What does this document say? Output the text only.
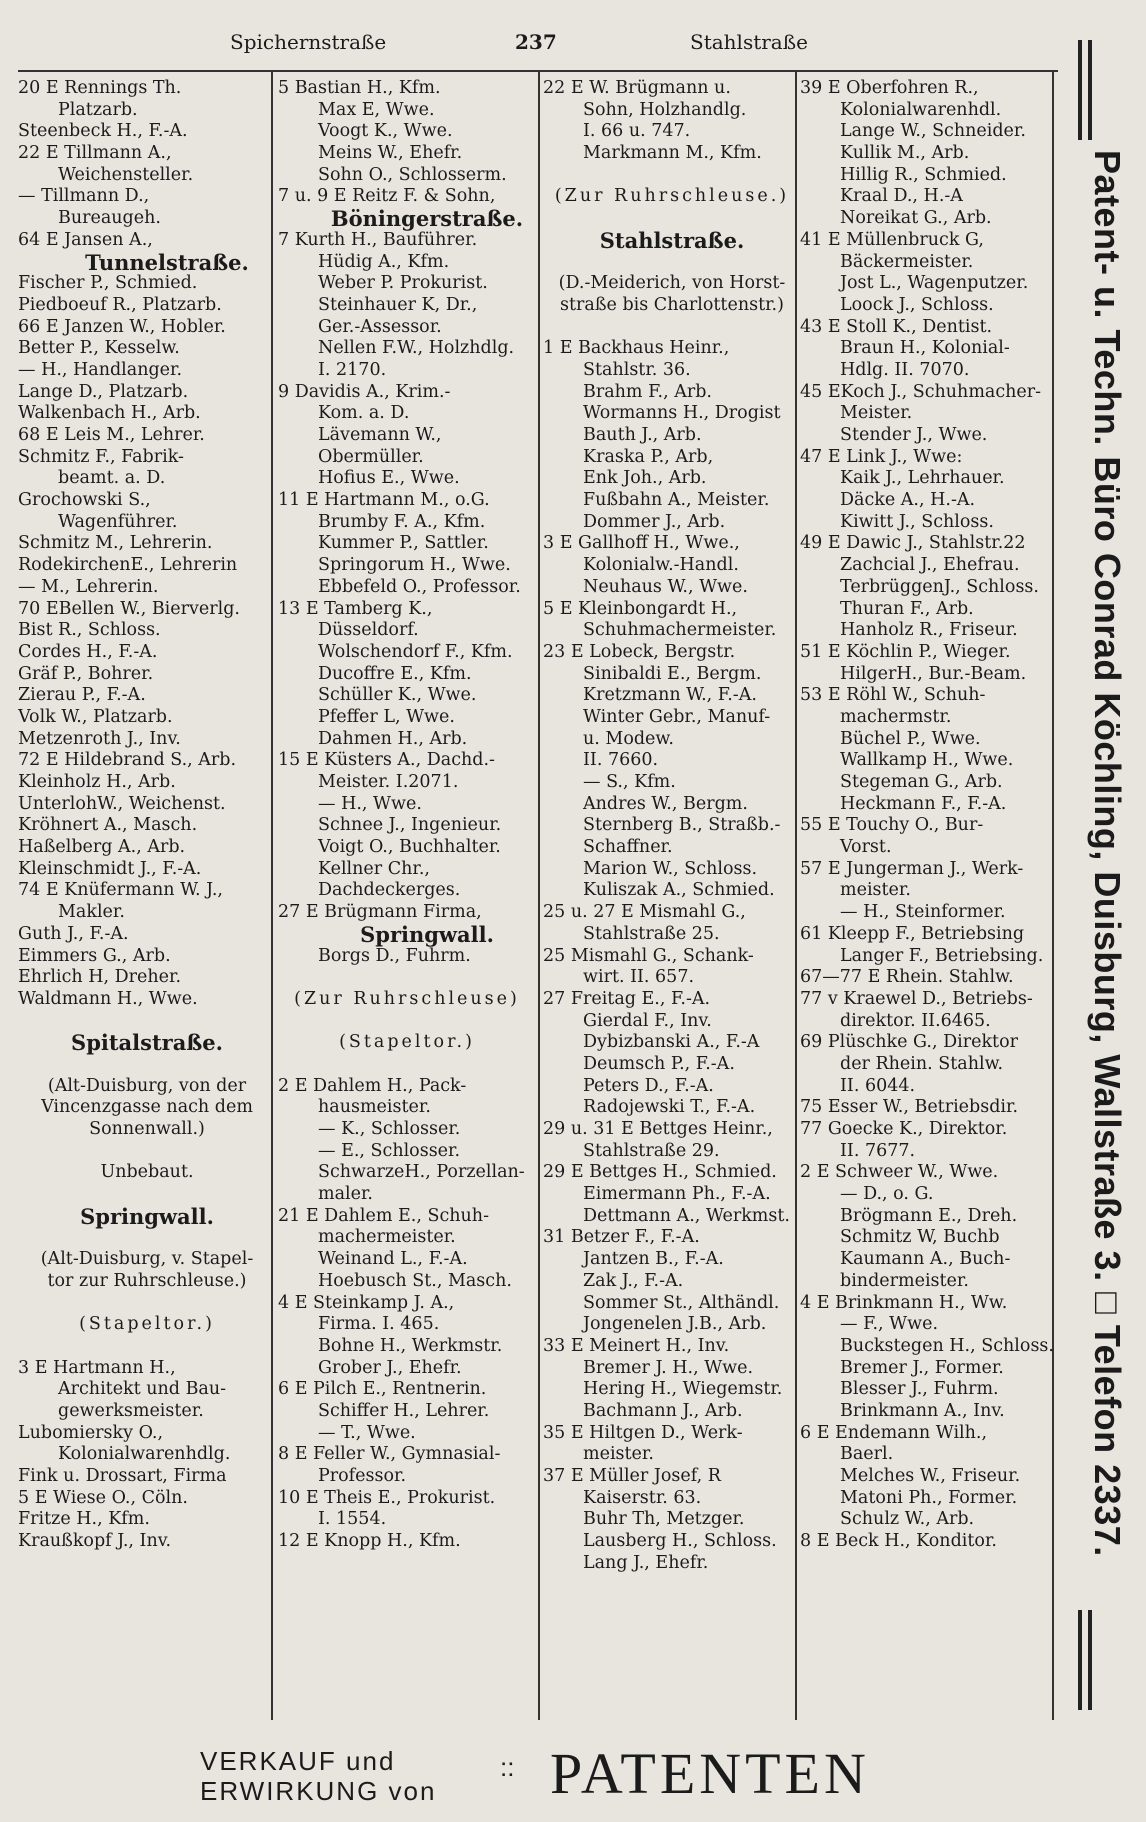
Spichernstraße	237	Stahlstraße
20 E Rennings Th.
Platzarb.
Steenbeck H., F.-A.
22 E Tillmann A.,
Weichensteller.
— Tillmann D.,
Bureaugeh.
64 E Jansen A.,
Tunnelstraße.
Fischer P., Schmied.
Piedboeuf R., Platzarb.
66 E Janzen W., Hobler.
Better P., Kesselw.
— H., Handlanger.
Lange D., Platzarb.
Walkenbach H., Arb.
68 E Leis M., Lehrer.
Schmitz F., Fabrik-
beamt. a. D.
Grochowski S.,
Wagenführer.
Schmitz M., Lehrerin.
RodekirchenE., Lehrerin
— M., Lehrerin.
70 EBellen W., Bierverlg.
Bist R., Schloss.
Cordes H., F.-A.
Gräf P., Bohrer.
Zierau P., F.-A.
Volk W., Platzarb.
Metzenroth J., Inv.
72 E Hildebrand S., Arb.
Kleinholz H., Arb.
UnterlohW., Weichenst.
Kröhnert A., Masch.
Haßelberg A., Arb.
Kleinschmidt J., F.-A.
74 E Knüfermann W. J.,
Makler.
Guth J., F.-A.
Eimmers G., Arb.
Ehrlich H, Dreher.
Waldmann H., Wwe.
Spitalstraße.
(Alt-Duisburg, von der
Vincenzgasse nach dem
Sonnenwall.)
Unbebaut.
Springwall.
(Alt-Duisburg, v. Stapel-
tor zur Ruhrschleuse.)
(Stapeltor.)
3 E Hartmann H.,
Architekt und Bau-
gewerksmeister.
Lubomiersky O.,
Kolonialwarenhdlg.
Fink u. Drossart, Firma
5 E Wiese O., Cöln.
Fritze H., Kfm.
Kraußkopf J., Inv.
5 Bastian H., Kfm.
Max E, Wwe.
Voogt K., Wwe.
Meins W., Ehefr.
Sohn O., Schlosserm.
7 u. 9 E Reitz F. & Sohn,
Böningerstraße.
7 Kurth H., Bauführer.
Hüdig A., Kfm.
Weber P. Prokurist.
Steinhauer K, Dr.,
Ger.-Assessor.
Nellen F.W., Holzhdlg.
I. 2170.
9 Davidis A., Krim.-
Kom. a. D.
Lävemann W.,
Obermüller.
Hofius E., Wwe.
11 E Hartmann M., o.G.
Brumby F. A., Kfm.
Kummer P., Sattler.
Springorum H., Wwe.
Ebbefeld O., Professor.
13 E Tamberg K.,
Düsseldorf.
Wolschendorf F., Kfm.
Ducoffre E., Kfm.
Schüller K., Wwe.
Pfeffer L, Wwe.
Dahmen H., Arb.
15 E Küsters A., Dachd.-
Meister. I.2071.
— H., Wwe.
Schnee J., Ingenieur.
Voigt O., Buchhalter.
Kellner Chr.,
Dachdeckerges.
27 E Brügmann Firma,
Springwall.
Borgs D., Fuhrm.
(Zur Ruhrschleuse)
(Stapeltor.)
2 E Dahlem H., Pack-
hausmeister.
— K., Schlosser.
— E., Schlosser.
SchwarzeH., Porzellan-
maler.
21 E Dahlem E., Schuh-
machermeister.
Weinand L., F.-A.
Hoebusch St., Masch.
4 E Steinkamp J. A.,
Firma. I. 465.
Bohne H., Werkmstr.
Grober J., Ehefr.
6 E Pilch E., Rentnerin.
Schiffer H., Lehrer.
— T., Wwe.
8 E Feller W., Gymnasial-
Professor.
10 E Theis E., Prokurist.
I. 1554.
12 E Knopp H., Kfm.
22 E W. Brügmann u.
Sohn, Holzhandlg.
I. 66 u. 747.
Markmann M., Kfm.
(Zur Ruhrschleuse.)
Stahlstraße.
(D.-Meiderich, von Horst-
straße bis Charlottenstr.)
1 E Backhaus Heinr.,
Stahlstr. 36.
Brahm F., Arb.
Wormanns H., Drogist
Bauth J., Arb.
Kraska P., Arb,
Enk Joh., Arb.
Fußbahn A., Meister.
Dommer J., Arb.
3 E Gallhoff H., Wwe.,
Kolonialw.-Handl.
Neuhaus W., Wwe.
5 E Kleinbongardt H.,
Schuhmachermeister.
23 E Lobeck, Bergstr.
Sinibaldi E., Bergm.
Kretzmann W., F.-A.
Winter Gebr., Manuf-
u. Modew.
II. 7660.
— S., Kfm.
Andres W., Bergm.
Sternberg B., Straßb.-
Schaffner.
Marion W., Schloss.
Kuliszak A., Schmied.
25 u. 27 E Mismahl G.,
Stahlstraße 25.
25 Mismahl G., Schank-
wirt. II. 657.
27 Freitag E., F.-A.
Gierdal F., Inv.
Dybizbanski A., F.-A
Deumsch P., F.-A.
Peters D., F.-A.
Radojewski T., F.-A.
29 u. 31 E Bettges Heinr.,
Stahlstraße 29.
29 E Bettges H., Schmied.
Eimermann Ph., F.-A.
Dettmann A., Werkmst.
31 Betzer F., F.-A.
Jantzen B., F.-A.
Zak J., F.-A.
Sommer St., Althändl.
Jongenelen J.B., Arb.
33 E Meinert H., Inv.
Bremer J. H., Wwe.
Hering H., Wiegemstr.
Bachmann J., Arb.
35 E Hiltgen D., Werk-
meister.
37 E Müller Josef, R
Kaiserstr. 63.
Buhr Th, Metzger.
Lausberg H., Schloss.
Lang J., Ehefr.
39 E Oberfohren R.,
Kolonialwarenhdl.
Lange W., Schneider.
Kullik M., Arb.
Hillig R., Schmied.
Kraal D., H.-A
Noreikat G., Arb.
41 E Müllenbruck G,
Bäckermeister.
Jost L., Wagenputzer.
Loock J., Schloss.
43 E Stoll K., Dentist.
Braun H., Kolonial-
Hdlg. II. 7070.
45 EKoch J., Schuhmacher-
Meister.
Stender J., Wwe.
47 E Link J., Wwe:
Kaik J., Lehrhauer.
Däcke A., H.-A.
Kiwitt J., Schloss.
49 E Dawic J., Stahlstr.22
Zachcial J., Ehefrau.
TerbrüggenJ., Schloss.
Thuran F., Arb.
Hanholz R., Friseur.
51 E Köchlin P., Wieger.
HilgerH., Bur.-Beam.
53 E Röhl W., Schuh-
machermstr.
Büchel P., Wwe.
Wallkamp H., Wwe.
Stegeman G., Arb.
Heckmann F., F.-A.
55 E Touchy O., Bur-
Vorst.
57 E Jungerman J., Werk-
meister.
— H., Steinformer.
61 Kleepp F., Betriebsing
Langer F., Betriebsing.
67—77 E Rhein. Stahlw.
77 v Kraewel D., Betriebs-
direktor. II.6465.
69 Plüschke G., Direktor
der Rhein. Stahlw.
II. 6044.
75 Esser W., Betriebsdir.
77 Goecke K., Direktor.
II. 7677.
2 E Schweer W., Wwe.
— D., o. G.
Brögmann E., Dreh.
Schmitz W, Buchb
Kaumann A., Buch-
bindermeister.
4 E Brinkmann H., Ww.
— F., Wwe.
Buckstegen H., Schloss.
Bremer J., Former.
Blesser J., Fuhrm.
Brinkmann A., Inv.
6 E Endemann Wilh.,
Baerl.
Melches W., Friseur.
Matoni Ph., Former.
Schulz W., Arb.
8 E Beck H., Konditor.	Patent- u. Techn. Büro Conrad Köchling, Duisburg, Wallstraße 3. □ Telefon 2337.
VERKAUF und
ERWIRKUNG von
:: PATENTEN
